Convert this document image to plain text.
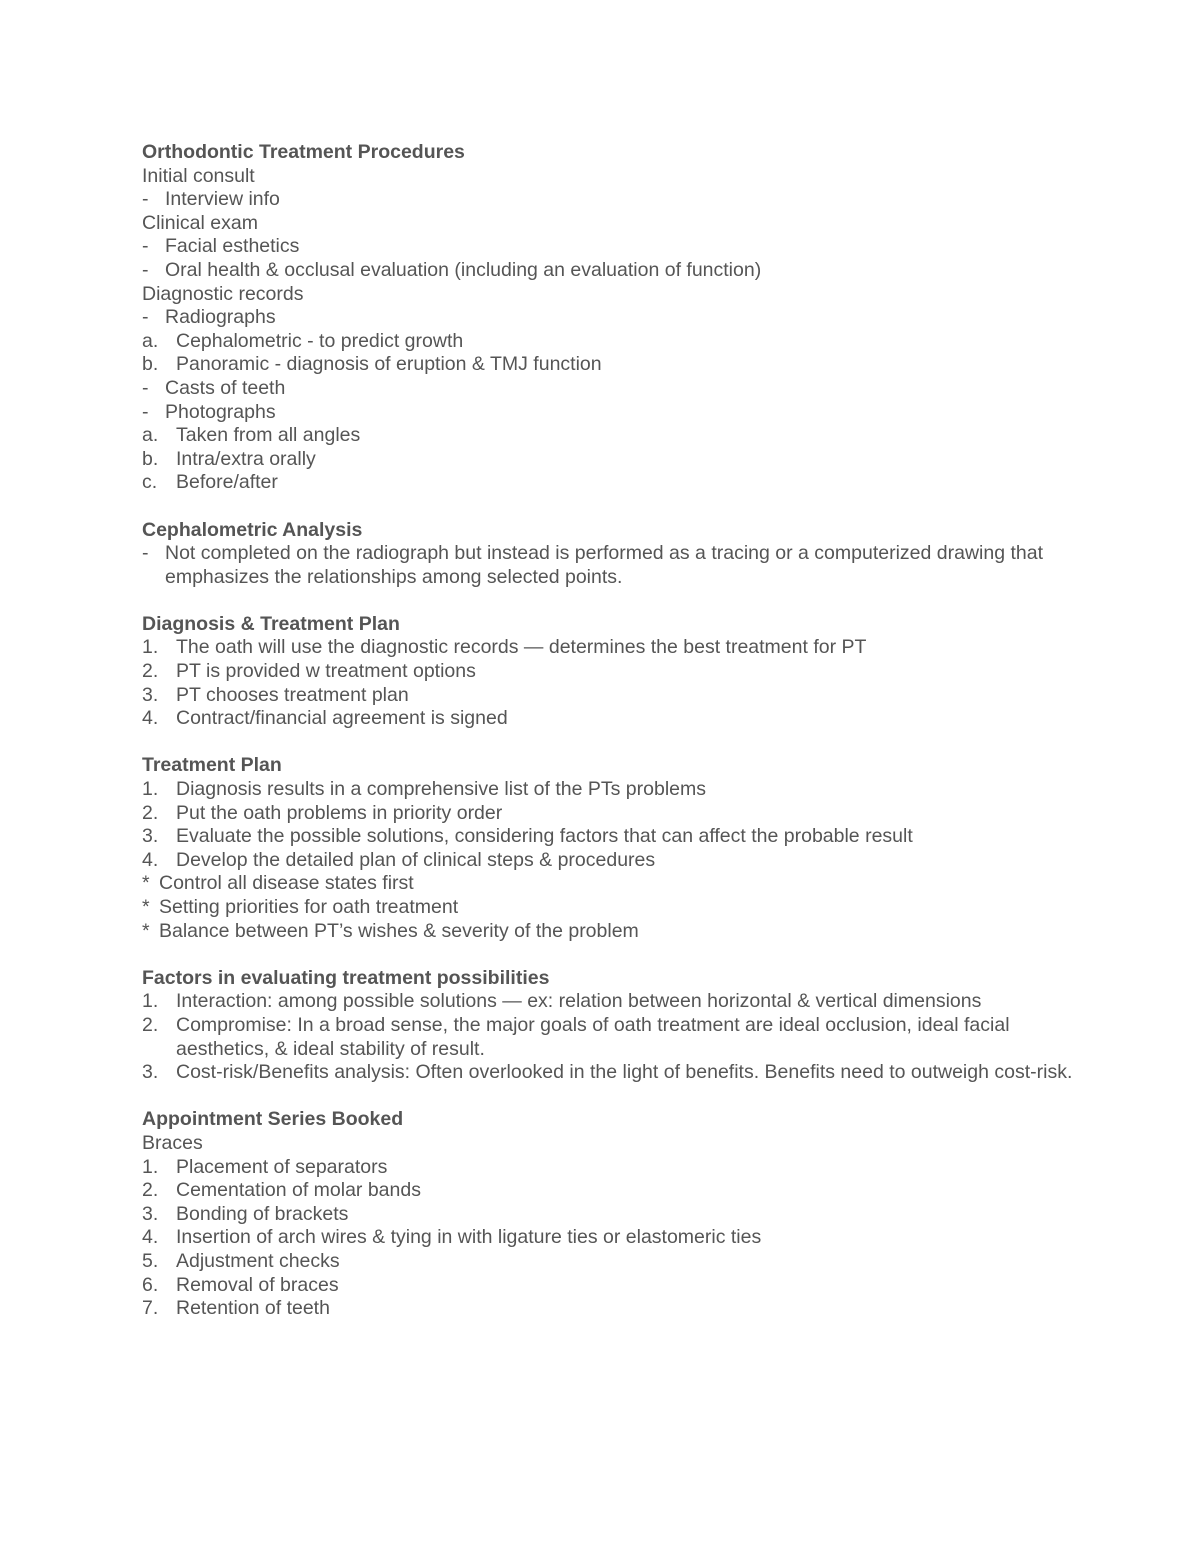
Orthodontic Treatment Procedures
Initial consult
- Interview info
Clinical exam
- Facial esthetics
- Oral health & occlusal evaluation (including an evaluation of function)
Diagnostic records
- Radiographs
a. Cephalometric - to predict growth
b. Panoramic - diagnosis of eruption & TMJ function
- Casts of teeth
- Photographs
a. Taken from all angles
b. Intra/extra orally
c. Before/after
Cephalometric Analysis
- Not completed on the radiograph but instead is performed as a tracing or a computerized drawing that emphasizes the relationships among selected points.
Diagnosis & Treatment Plan
1. The oath will use the diagnostic records — determines the best treatment for PT
2. PT is provided w treatment options
3. PT chooses treatment plan
4. Contract/financial agreement is signed
Treatment Plan
1. Diagnosis results in a comprehensive list of the PTs problems
2. Put the oath problems in priority order
3. Evaluate the possible solutions, considering factors that can affect the probable result
4. Develop the detailed plan of clinical steps & procedures
* Control all disease states first
* Setting priorities for oath treatment
* Balance between PT’s wishes & severity of the problem
Factors in evaluating treatment possibilities
1. Interaction: among possible solutions — ex: relation between horizontal & vertical dimensions
2. Compromise: In a broad sense, the major goals of oath treatment are ideal occlusion, ideal facial aesthetics, & ideal stability of result.
3. Cost-risk/Benefits analysis: Often overlooked in the light of benefits. Benefits need to outweigh cost-risk.
Appointment Series Booked
Braces
1. Placement of separators
2. Cementation of molar bands
3. Bonding of brackets
4. Insertion of arch wires & tying in with ligature ties or elastomeric ties
5. Adjustment checks
6. Removal of braces
7. Retention of teeth
